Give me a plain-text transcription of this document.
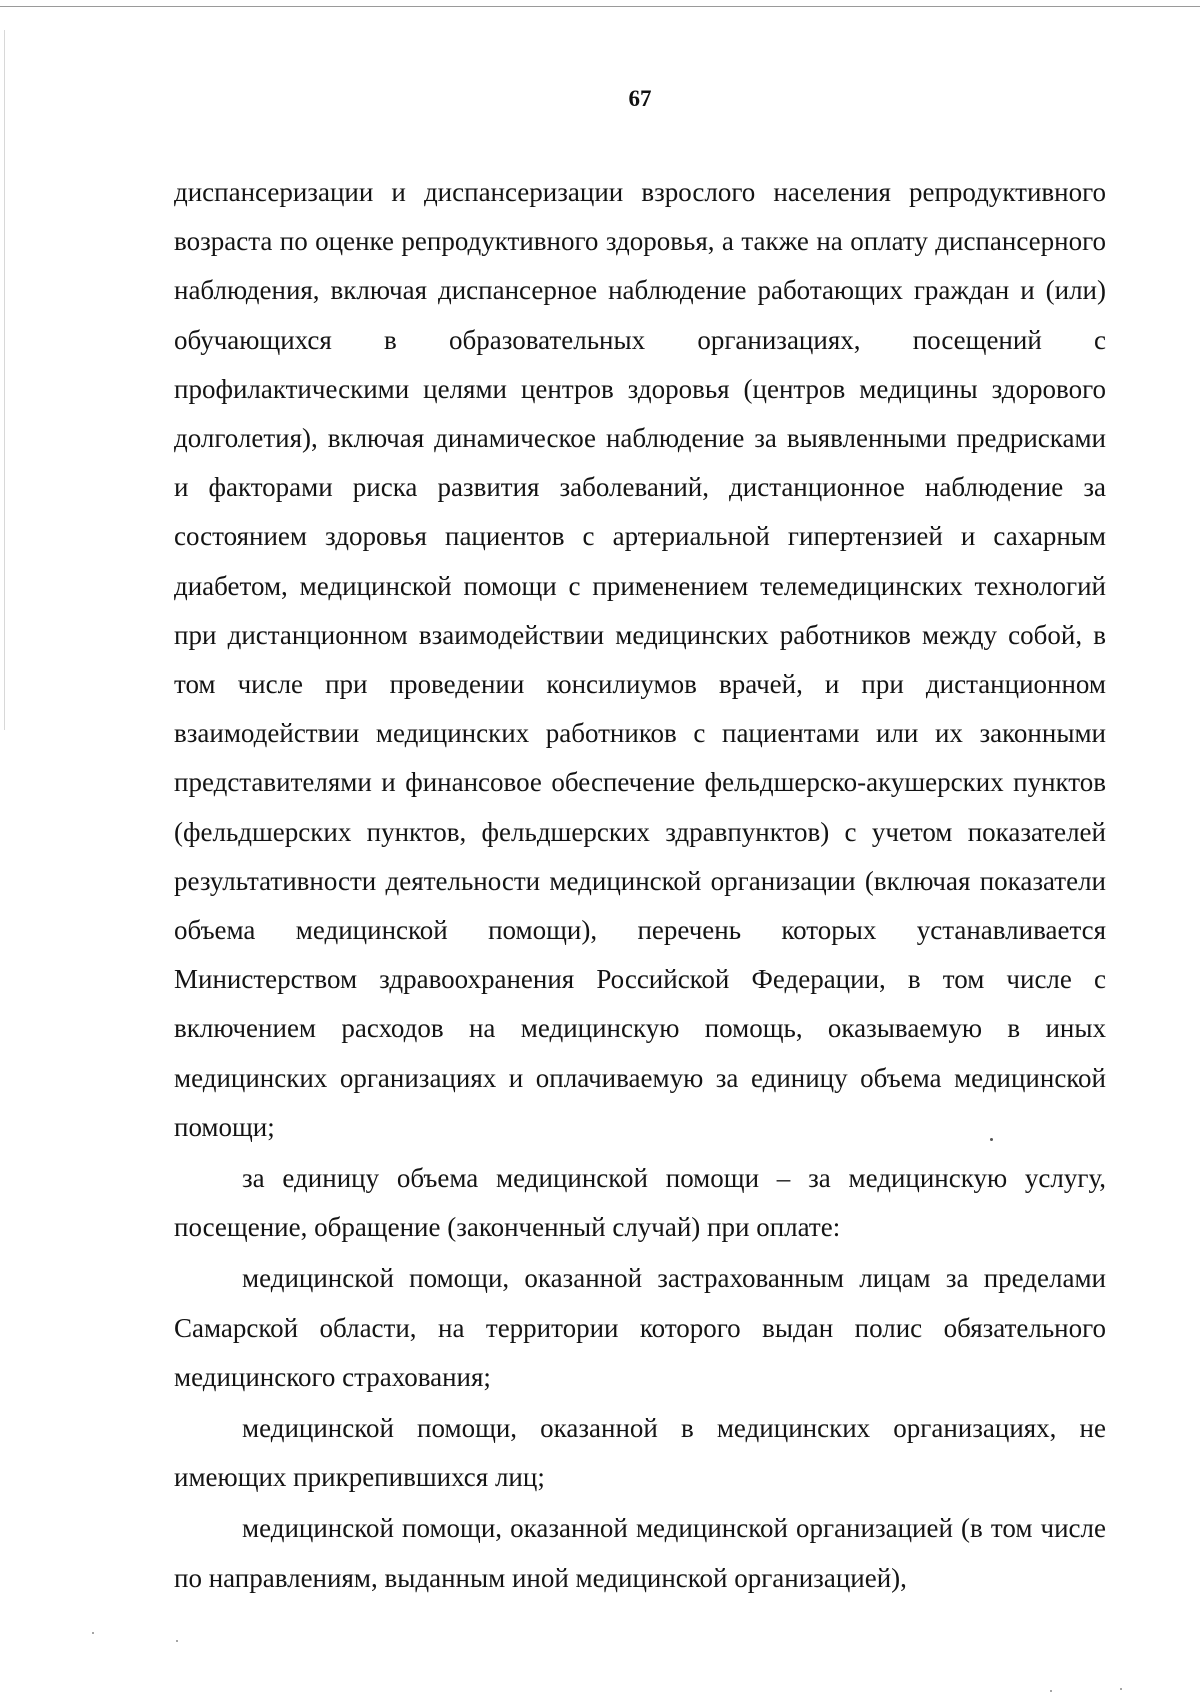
67

диспансеризации и диспансеризации взрослого населения репродуктивного возраста по оценке репродуктивного здоровья, а также на оплату диспансерного наблюдения, включая диспансерное наблюдение работающих граждан и (или) обучающихся в образовательных организациях, посещений с профилактическими целями центров здоровья (центров медицины здорового долголетия), включая динамическое наблюдение за выявленными предрисками и факторами риска развития заболеваний, дистанционное наблюдение за состоянием здоровья пациентов с артериальной гипертензией и сахарным диабетом, медицинской помощи с применением телемедицинских технологий при дистанционном взаимодействии медицинских работников между собой, в том числе при проведении консилиумов врачей, и при дистанционном взаимодействии медицинских работников с пациентами или их законными представителями и финансовое обеспечение фельдшерско-акушерских пунктов (фельдшерских пунктов, фельдшерских здравпунктов) с учетом показателей результативности деятельности медицинской организации (включая показатели объема медицинской помощи), перечень которых устанавливается Министерством здравоохранения Российской Федерации, в том числе с включением расходов на медицинскую помощь, оказываемую в иных медицинских организациях и оплачиваемую за единицу объема медицинской помощи;

за единицу объема медицинской помощи – за медицинскую услугу, посещение, обращение (законченный случай) при оплате:

медицинской помощи, оказанной застрахованным лицам за пределами Самарской области, на территории которого выдан полис обязательного медицинского страхования;

медицинской помощи, оказанной в медицинских организациях, не имеющих прикрепившихся лиц;

медицинской помощи, оказанной медицинской организацией (в том числе по направлениям, выданным иной медицинской организацией),
